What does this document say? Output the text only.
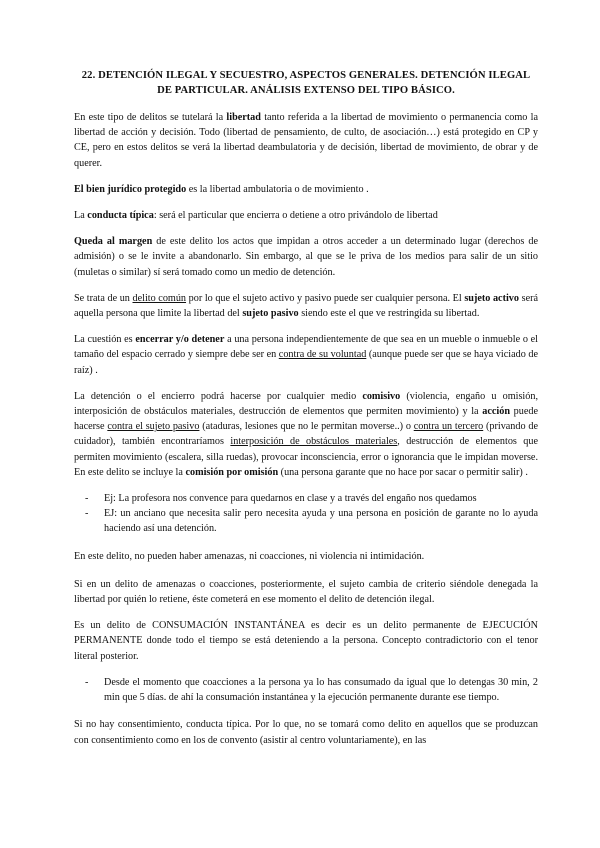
22. DETENCIÓN ILEGAL Y SECUESTRO, ASPECTOS GENERALES. DETENCIÓN ILEGAL
DE PARTICULAR. ANÁLISIS EXTENSO DEL TIPO BÁSICO.

En este tipo de delitos se tutelará la libertad tanto referida a la libertad de movimiento o permanencia como la libertad de acción y decisión. Todo (libertad de pensamiento, de culto, de asociación…) está protegido en CP y CE, pero en estos delitos se verá la libertad deambulatoria y de decisión, libertad de movimiento, de obrar y de querer.

El bien jurídico protegido es la libertad ambulatoria o de movimiento .

La conducta típica: será el particular que encierra o detiene a otro privándolo de libertad

Queda al margen de este delito los actos que impidan a otros acceder a un determinado lugar (derechos de admisión) o se le invite a abandonarlo. Sin embargo, al que se le priva de los medios para salir de un sitio (muletas o similar) sí será tomado como un medio de detención.

Se trata de un delito común por lo que el sujeto activo y pasivo puede ser cualquier persona. El sujeto activo será aquella persona que limite la libertad del sujeto pasivo siendo este el que ve restringida su libertad.

La cuestión es encerrar y/o detener a una persona independientemente de que sea en un mueble o inmueble o el tamaño del espacio cerrado y siempre debe ser en contra de su voluntad (aunque puede ser que se haya viciado de raíz) .

La detención o el encierro podrá hacerse por cualquier medio comisivo (violencia, engaño u omisión, interposición de obstáculos materiales, destrucción de elementos que permiten movimiento) y la acción puede hacerse contra el sujeto pasivo (ataduras, lesiones que no le permitan moverse..) o contra un tercero (privando de cuidador), también encontraríamos interposición de obstáculos materiales, destrucción de elementos que permiten movimiento (escalera, silla ruedas), provocar inconsciencia, error o ignorancia que le impidan moverse. En este delito se incluye la comisión por omisión (una persona garante que no hace por sacar o permitir salir) .

- Ej: La profesora nos convence para quedarnos en clase y a través del engaño nos quedamos
- EJ: un anciano que necesita salir pero necesita ayuda y una persona en posición de garante no lo ayuda haciendo así una detención.

En este delito, no pueden haber amenazas, ni coacciones, ni violencia ni intimidación.

Si en un delito de amenazas o coacciones, posteriormente, el sujeto cambia de criterio siéndole denegada la libertad por quién lo retiene, éste cometerá en ese momento el delito de detención ilegal.

Es un delito de CONSUMACIÓN INSTANTÁNEA es decir es un delito permanente de EJECUCIÓN PERMANENTE donde todo el tiempo se está deteniendo a la persona. Concepto contradictorio con el tenor literal posterior.

- Desde el momento que coacciones a la persona ya lo has consumado da igual que lo detengas 30 min, 2 min que 5 días. de ahí la consumación instantánea y la ejecución permanente durante ese tiempo.

Si no hay consentimiento, conducta típica. Por lo que, no se tomará como delito en aquellos que se produzcan con consentimiento como en los de convento (asistir al centro voluntariamente), en las
